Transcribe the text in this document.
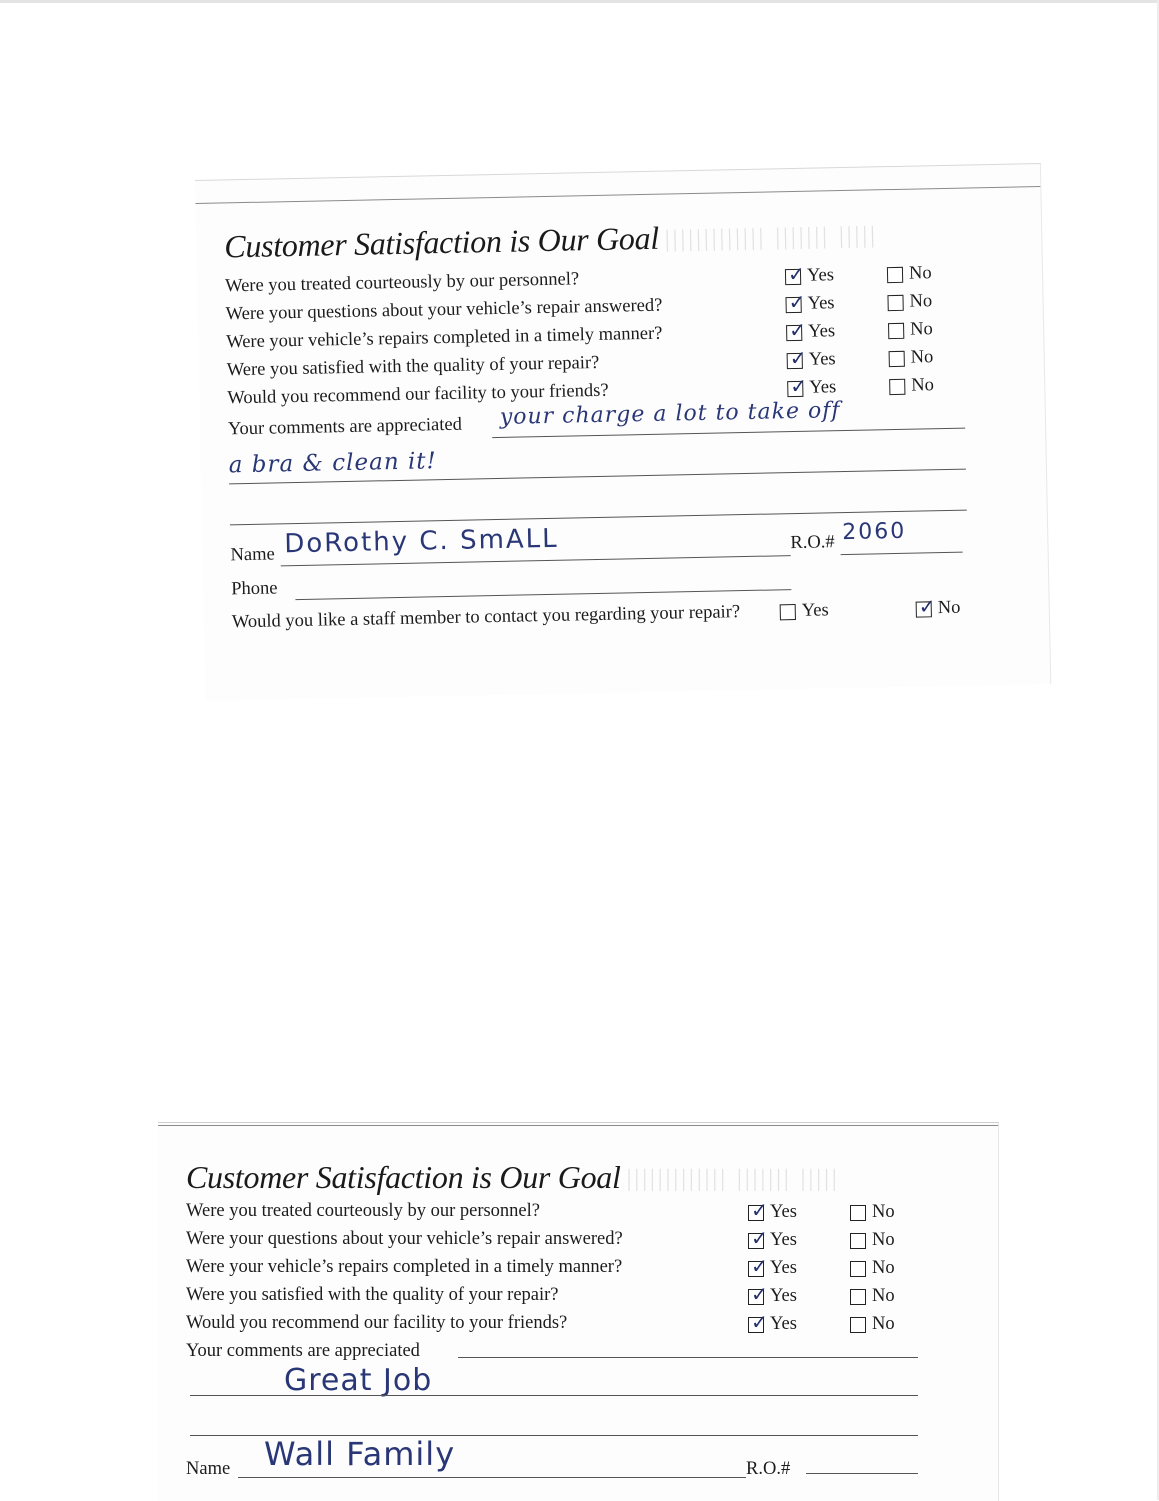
Customer Satisfaction is Our Goal ||||||||||||| ||||||| |||||
Were you treated courteously by our personnel?	✓ Yes	No
Were your questions about your vehicle’s repair answered?	✓ Yes	No
Were your vehicle’s repairs completed in a timely manner?	✓ Yes	No
Were you satisfied with the quality of your repair?	✓ Yes	No
Would you recommend our facility to your friends?	✓ Yes	No
Your comments are appreciated your charge a lot to take off
a bra & clean it!
Name DoRothy C. SmALL	R.O.# 2060
Phone
Would you like a staff member to contact you regarding your repair?	Yes	✓ No
Customer Satisfaction is Our Goal ||||||||||||| ||||||| |||||
Were you treated courteously by our personnel?	✓ Yes	No
Were your questions about your vehicle’s repair answered?	✓ Yes	No
Were your vehicle’s repairs completed in a timely manner?	✓ Yes	No
Were you satisfied with the quality of your repair?	✓ Yes	No
Would you recommend our facility to your friends?	✓ Yes	No
Your comments are appreciated
Great Job
Name Wall Family	R.O.#
